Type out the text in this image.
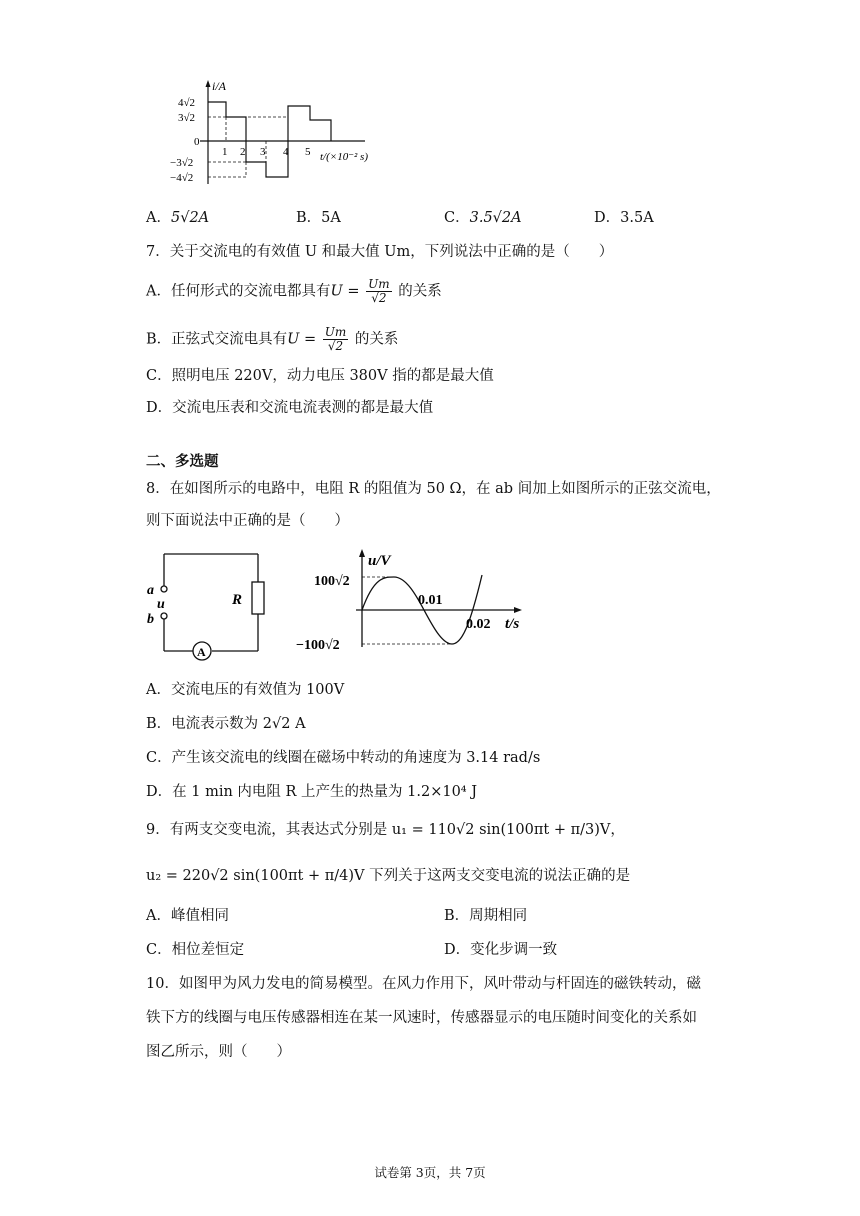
i/A
4√2
3√2
0
−3√2
−4√2
1 2 3 4 5 t/(×10⁻² s)
A．5√2A	B．5A	C．3.5√2A	D．3.5A
7．关于交流电的有效值 U 和最大值 Um，下列说法中正确的是（　　）
A．任何形式的交流电都具有$U = \frac{Um}{√2}$ 的关系
B．正弦式交流电具有$U = \frac{Um}{√2}$ 的关系
C．照明电压 220V，动力电压 380V 指的都是最大值
D．交流电压表和交流电流表测的都是最大值
二、多选题
8．在如图所示的电路中，电阻 R 的阻值为 50 Ω，在 ab 间加上如图所示的正弦交流电，
则下面说法中正确的是（　　）
a
u
b
R
A
u/V
100√2
0.01
0.02 t/s
−100√2
A．交流电压的有效值为 100V
B．电流表示数为 2√2 A
C．产生该交流电的线圈在磁场中转动的角速度为 3.14 rad/s
D．在 1 min 内电阻 R 上产生的热量为 1.2×10⁴ J
9．有两支交变电流，其表达式分别是 u₁ = 110√2 sin(100πt + π/3)V，
u₂ = 220√2 sin(100πt + π/4)V 下列关于这两支交变电流的说法正确的是
A．峰值相同	B．周期相同
C．相位差恒定	D．变化步调一致
10．如图甲为风力发电的简易模型。在风力作用下，风叶带动与杆固连的磁铁转动，磁
铁下方的线圈与电压传感器相连在某一风速时，传感器显示的电压随时间变化的关系如
图乙所示，则（　　）
试卷第 3页，共 7页
